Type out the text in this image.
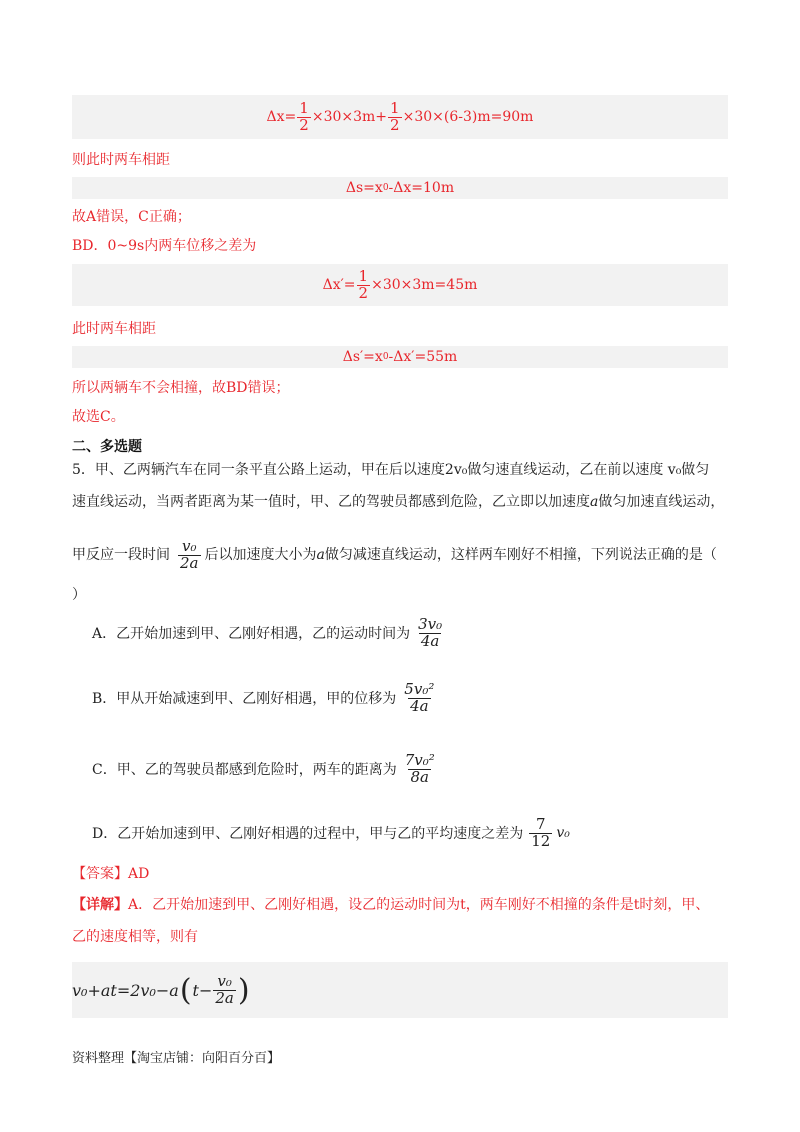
$\Delta x= \frac{1}{2} \times 30\times 3m+ \frac{1}{2} \times 30\times(6-3)m=90m$
则此时两车相距
Δs=x 0 -Δx=10m
故A错误，C正确；
BD．0~9s内两车位移之差为
$\Delta x'= \frac{1}{2} \times 30\times 3m=45m$
此时两车相距
Δs′=x 0 -Δx′=55m
所以两辆车不会相撞，故BD错误；
故选C。
二、多选题
5．甲、乙两辆汽车在同一条平直公路上运动，甲在后以速度2v₀做匀速直线运动，乙在前以速度 v₀做匀
速直线运动，当两者距离为某一值时，甲、乙的驾驶员都感到危险，乙立即以加速度a做匀加速直线运动，
甲反应一段时间 $\frac{\text{v₀}}{2a}$ 后以加速度大小为 a 做匀减速直线运动，这样两车刚好不相撞，下列说法正确的是（
）
A．乙开始加速到甲、乙刚好相遇，乙的运动时间为 $\frac{\text{3v₀}}{4a}$
B．甲从开始减速到甲、乙刚好相遇，甲的位移为 $\frac{\text{5v₀²}}{4a}$
C．甲、乙的驾驶员都感到危险时，两车的距离为 $\frac{\text{7v₀²}}{8a}$
D．乙开始加速到甲、乙刚好相遇的过程中，甲与乙的平均速度之差为 $\frac{7}{12} v_0$
【答案】AD
【详解】A．乙开始加速到甲、乙刚好相遇，设乙的运动时间为t，两车刚好不相撞的条件是t时刻，甲、
乙的速度相等，则有
v₀+at=2v₀−a ( $t- \frac{\text{v₀}}{2a}$ )
资料整理【淘宝店铺：向阳百分百】
